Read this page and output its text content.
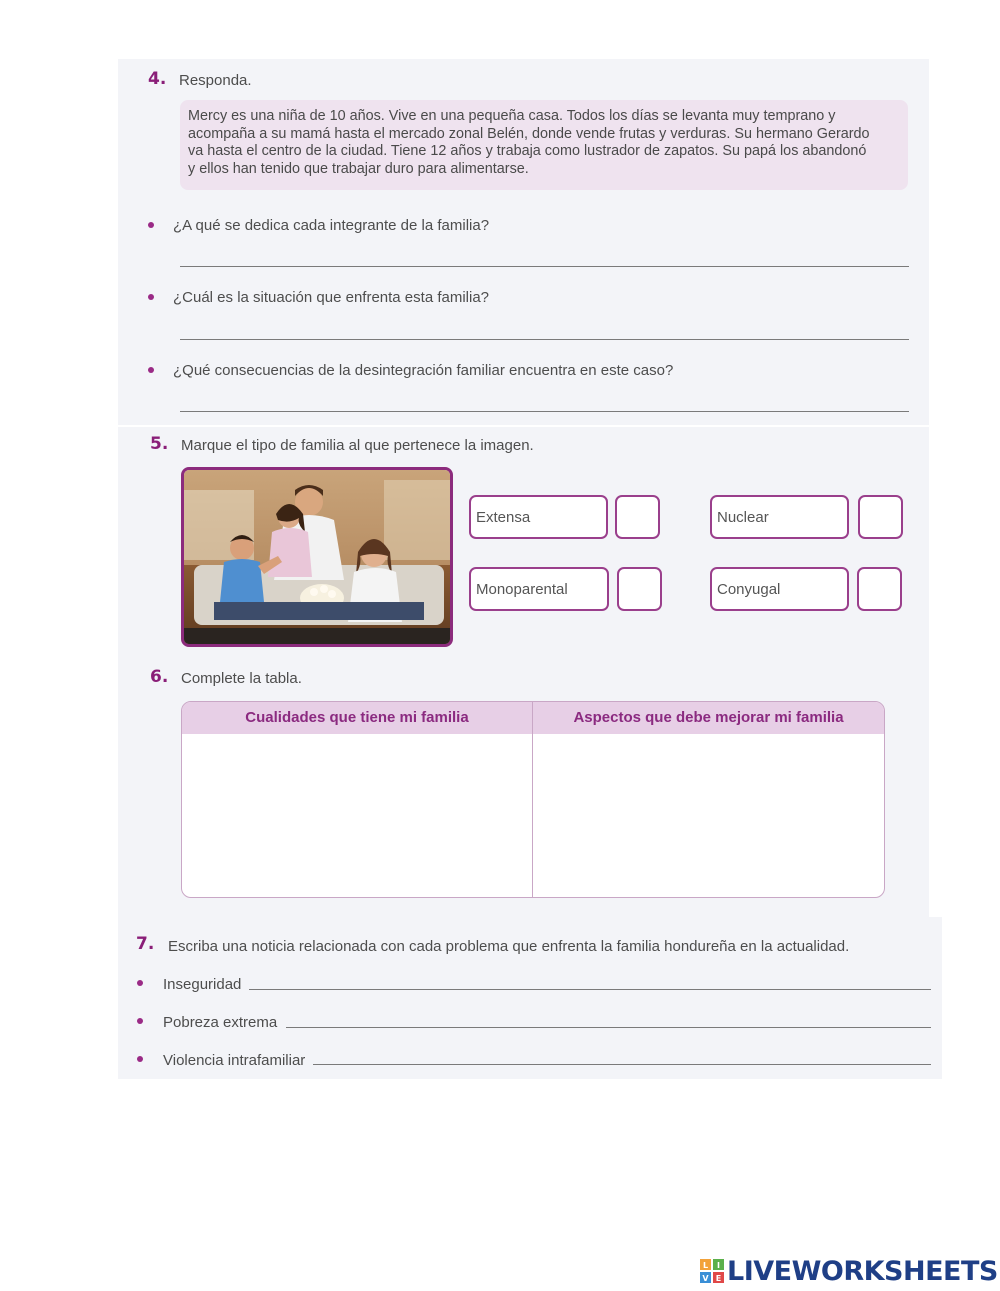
4. Responda.
Mercy es una niña de 10 años. Vive en una pequeña casa. Todos los días se levanta muy temprano y
acompaña a su mamá hasta el mercado zonal Belén, donde vende frutas y verduras. Su hermano Gerardo
va hasta el centro de la ciudad. Tiene 12 años y trabaja como lustrador de zapatos. Su papá los abandonó
y ellos han tenido que trabajar duro para alimentarse.
¿A qué se dedica cada integrante de la familia?
¿Cuál es la situación que enfrenta esta familia?
¿Qué consecuencias de la desintegración familiar encuentra en este caso?
5. Marque el tipo de familia al que pertenece la imagen.
Extensa	Nuclear
Monoparental	Conyugal
6. Complete la tabla.
Cualidades que tiene mi familia	Aspectos que debe mejorar mi familia
7. Escriba una noticia relacionada con cada problema que enfrenta la familia hondureña en la actualidad.
Inseguridad
Pobreza extrema
Violencia intrafamiliar
L I
V E LIVEWORKSHEETS
